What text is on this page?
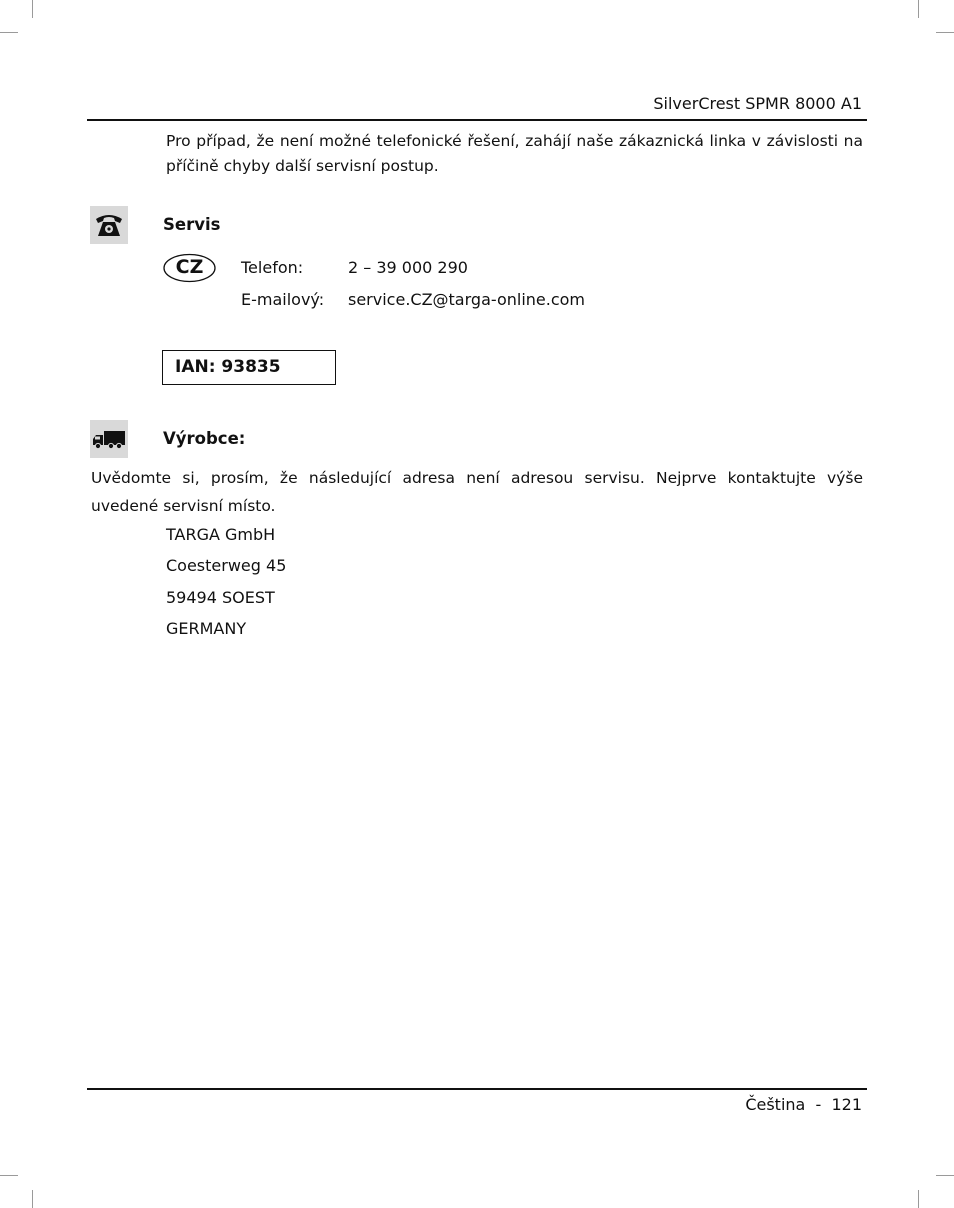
SilverCrest SPMR 8000 A1
Pro případ, že není možné telefonické řešení, zahájí naše zákaznická linka v závislosti na příčině chyby další servisní postup.
Servis
CZ	Telefon:	2 – 39 000 290
E-mailový: service.CZ@targa-online.com
IAN: 93835
Výrobce:
Uvědomte si, prosím, že následující adresa není adresou servisu. Nejprve kontaktujte výše uvedené servisní místo.
TARGA GmbH
Coesterweg 45
59494 SOEST
GERMANY
Čeština  -  121
